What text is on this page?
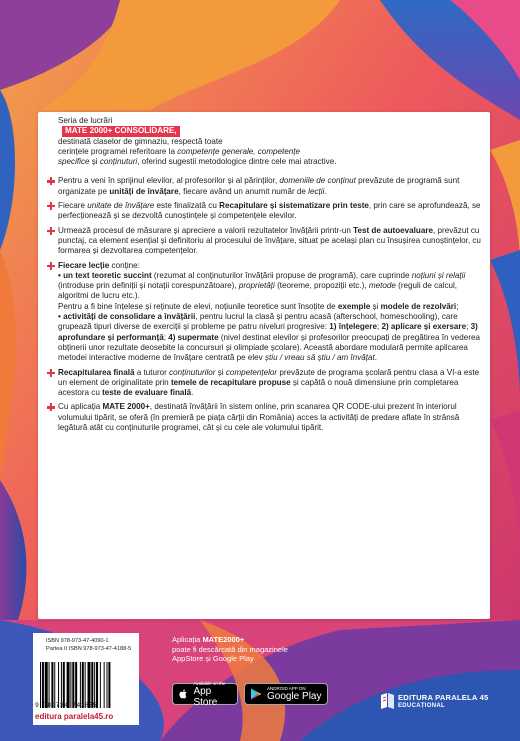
Seria de lucrări

MATE 2000+ CONSOLIDARE,

destinată claselor de gimnaziu, respectă toate

cerințele programei referitoare la competențe generale, competențe

specifice și conținuturi, oferind sugestii metodologice dintre cele mai atractive.

Pentru a veni în sprijinul elevilor, al profesorilor și al părinților, domeniile de conținut prevăzute de programă sunt organizate pe unități de învățare, fiecare având un anumit număr de lecții.
Fiecare unitate de învățare este finalizată cu Recapitulare și sistematizare prin teste, prin care se aprofundează, se perfecționează și se dezvoltă cunoștințele și competențele elevilor.
Urmează procesul de măsurare și apreciere a valorii rezultatelor învățării printr-un Test de autoevaluare, prevăzut cu punctaj, ca element esențial și definitoriu al procesului de învățare, situat pe același plan cu însușirea cunoștințelor, cu formarea și dezvoltarea competențelor.
Fiecare lecție conține:

• un text teoretic succint (rezumat al conținuturilor învățării propuse de programă), care cuprinde noțiuni și relații (introduse prin definiții și notații corespunzătoare), proprietăți (teoreme, propoziții etc.), metode (reguli de calcul, algoritmi de lucru etc.).

Pentru a fi bine înțelese și reținute de elevi, noțiunile teoretice sunt însoțite de exemple și modele de rezolvări;

• activități de consolidare a învățării, pentru lucrul la clasă și pentru acasă (afterschool, homeschooling), care grupează tipuri diverse de exerciții și probleme pe patru niveluri progresive: 1) înțelegere; 2) aplicare și exersare; 3) aprofundare și performanță; 4) supermate (nivel destinat elevilor și profesorilor preocupați de pregătirea în vederea obținerii unor rezultate deosebite la concursuri și olimpiade școlare). Această abordare modulară permite aplicarea metodei interactive moderne de învățare centrată pe elev știu / vreau să știu / am învățat.

Recapitularea finală a tuturor conținuturilor și competențelor prevăzute de programa școlară pentru clasa a VI-a este un element de originalitate prin temele de recapitulare propuse și capătă o nouă dimensiune prin completarea acestora cu teste de evaluare finală.
Cu aplicația MATE 2000+, destinată învățării în sistem online, prin scanarea QR CODE-ului prezent în interiorul volumului tipărit, se oferă (în premieră pe piața cărții din România) acces la activități de predare aflate în strânsă legătură atât cu conținuturile programei, cât și cu cele ale volumului tipărit.
ISBN 978-973-47-4090-1
Partea II ISBN 978-973-47-4188-5
9 789734 741885
editura paralela45.ro
Aplicația MATE2000+
poate fi descărcată din magazinele
AppStore și Google Play
Available on the
App Store
ANDROID APP ON
Google Play	EDITURA PARALELA 45
EDUCAȚIONAL
